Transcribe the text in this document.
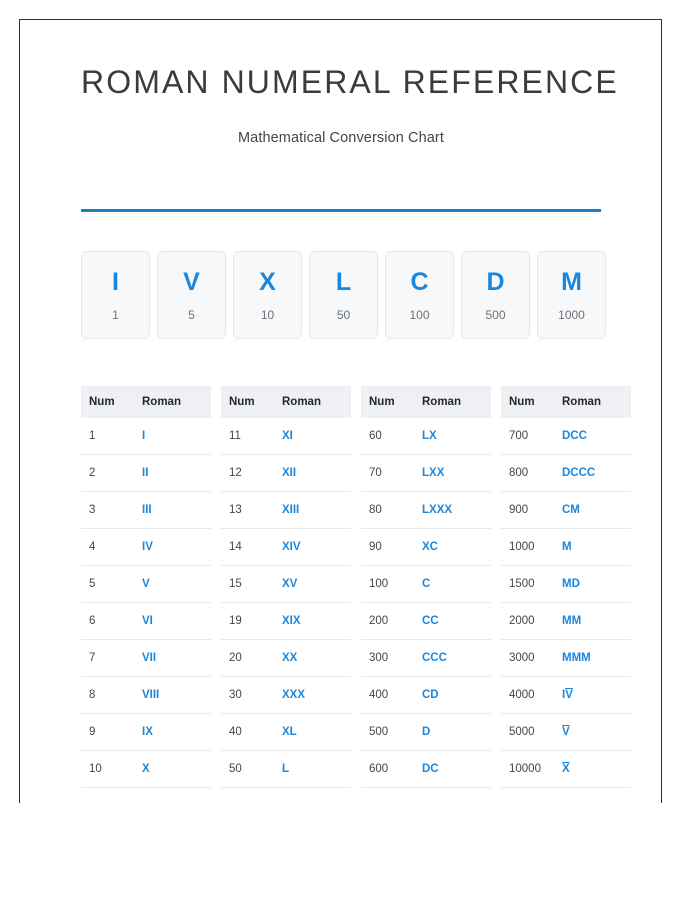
ROMAN NUMERAL REFERENCE

Mathematical Conversion Chart

I
1
V
5
X
10
L
50
C
100
D
500
M
1000
Num	Roman
1	I
2	II
3	III
4	IV
5	V
6	VI
7	VII
8	VIII
9	IX
10	X
Num	Roman
11	XI
12	XII
13	XIII
14	XIV
15	XV
19	XIX
20	XX
30	XXX
40	XL
50	L
Num	Roman
60	LX
70	LXX
80	LXXX
90	XC
100	C
200	CC
300	CCC
400	CD
500	D
600	DC
Num	Roman
700	DCC
800	DCCC
900	CM
1000	M
1500	MD
2000	MM
3000	MMM
4000	$I\overline{V}$
5000	$\overline{V}$
10000	$\overline{X}$
